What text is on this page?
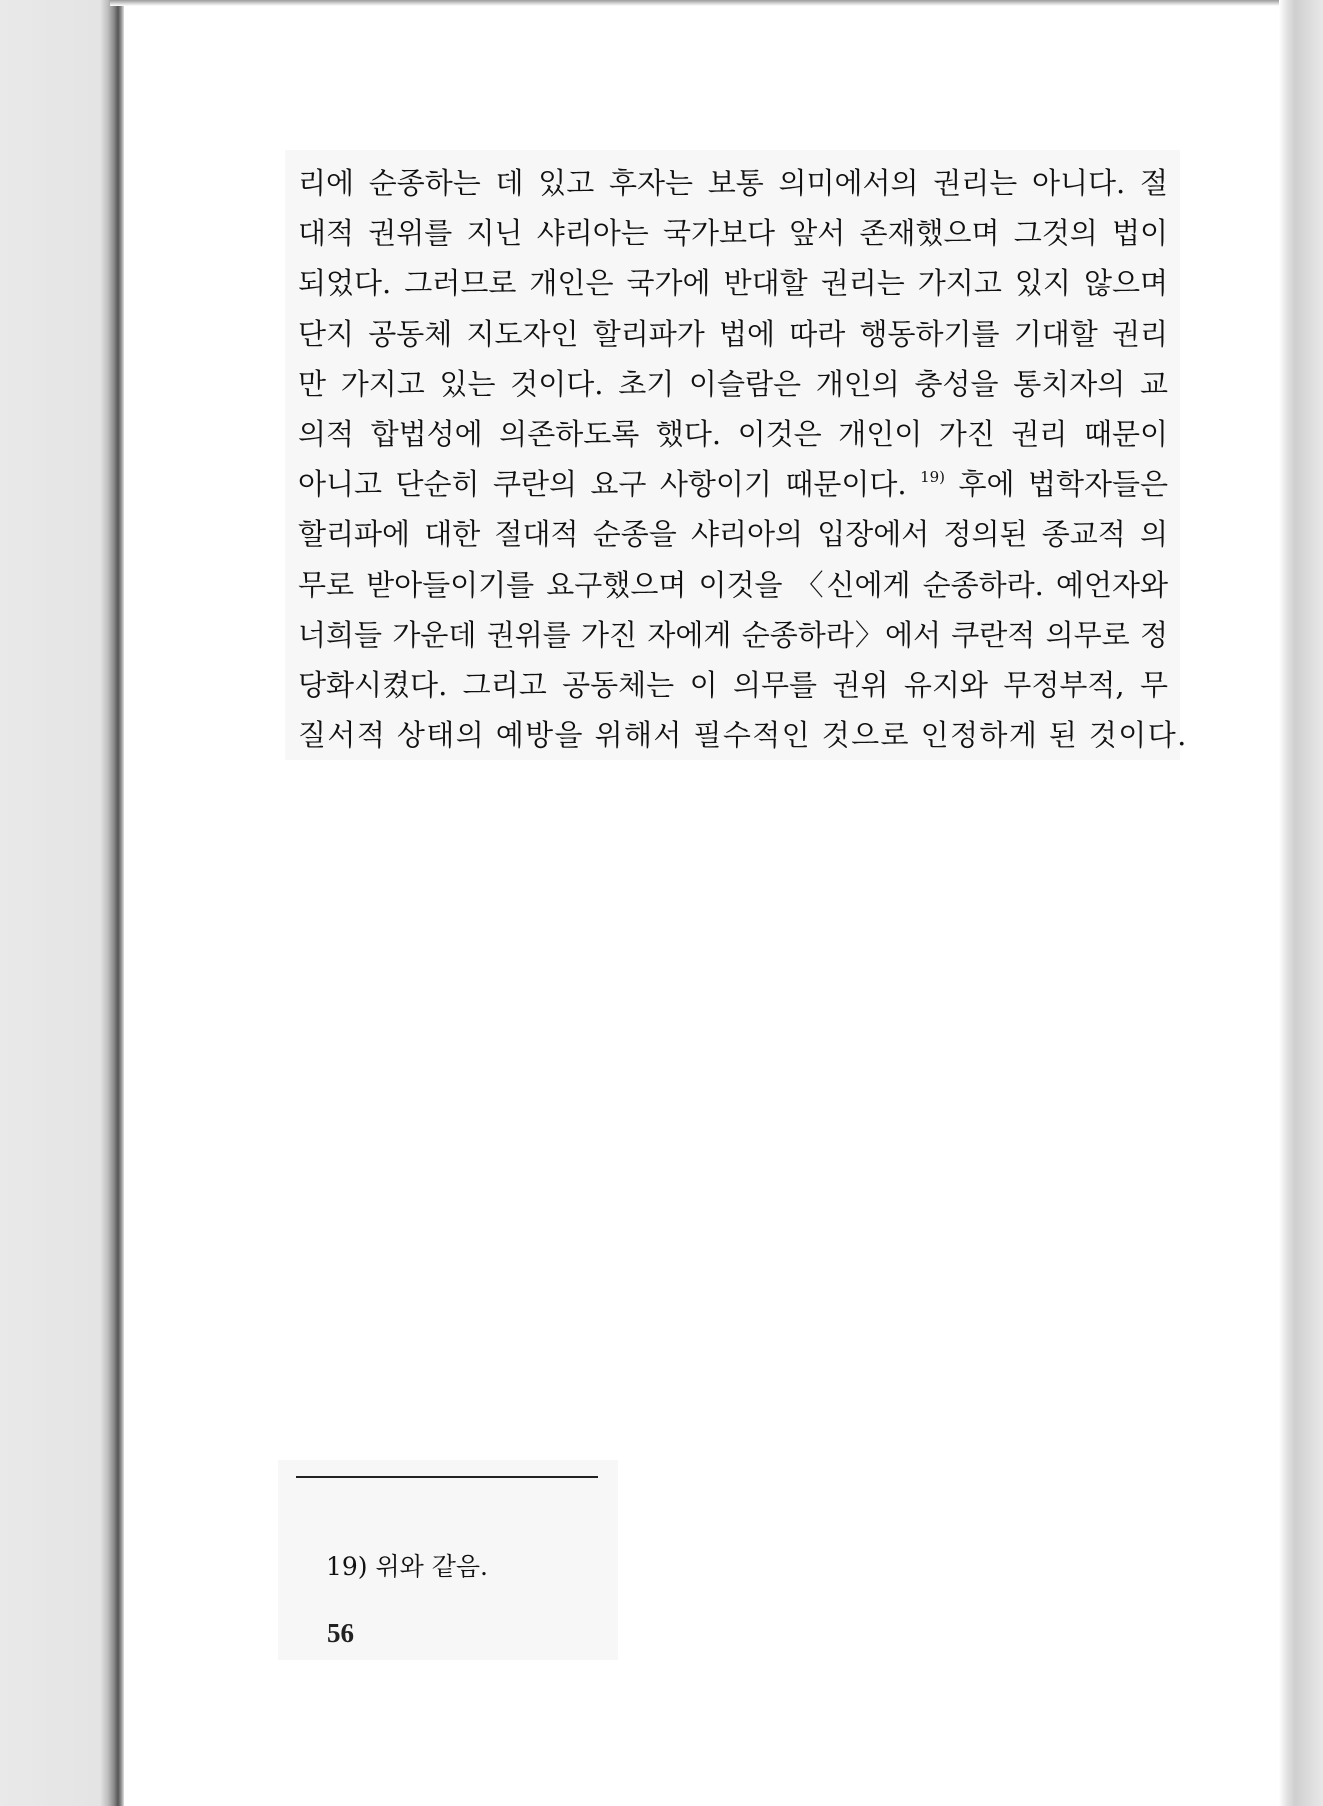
리에 순종하는 데 있고 후자는 보통 의미에서의 권리는 아니다. 절
대적 권위를 지닌 샤리아는 국가보다 앞서 존재했으며 그것의 법이
되었다. 그러므로 개인은 국가에 반대할 권리는 가지고 있지 않으며
단지 공동체 지도자인 할리파가 법에 따라 행동하기를 기대할 권리
만 가지고 있는 것이다. 초기 이슬람은 개인의 충성을 통치자의 교
의적 합법성에 의존하도록 했다. 이것은 개인이 가진 권리 때문이
아니고 단순히 쿠란의 요구 사항이기 때문이다. $^{19)}$ 후에 법학자들은
할리파에 대한 절대적 순종을 샤리아의 입장에서 정의된 종교적 의
무로 받아들이기를 요구했으며 이것을 〈신에게 순종하라. 예언자와
너희들 가운데 권위를 가진 자에게 순종하라〉에서 쿠란적 의무로 정
당화시켰다. 그리고 공동체는 이 의무를 권위 유지와 무정부적, 무
질서적 상태의 예방을 위해서 필수적인 것으로 인정하게 된 것이다.
19) 위와 같음.
56
